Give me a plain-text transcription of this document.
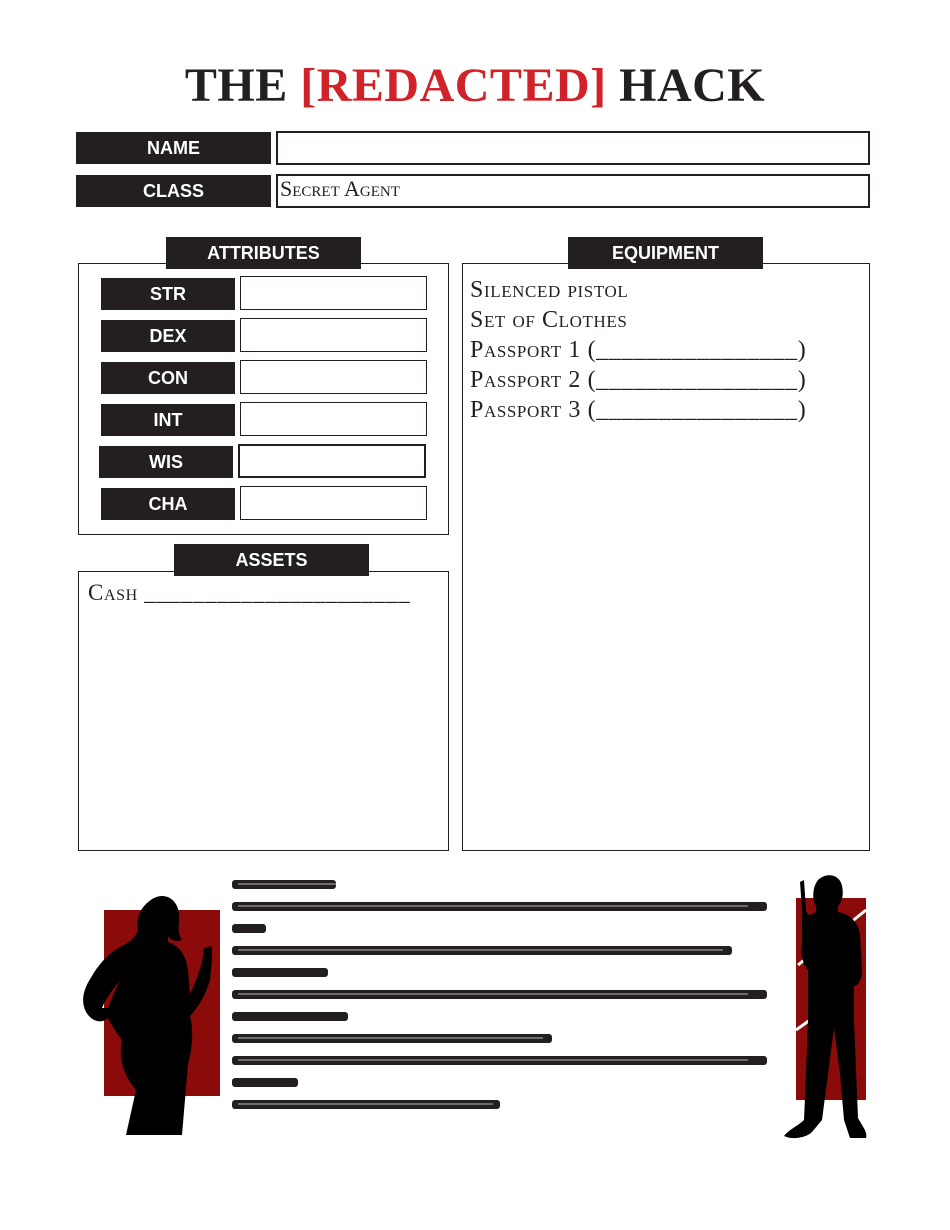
THE [REDACTED] HACK
NAME
CLASS	Secret Agent
ATTRIBUTES
STR
DEX
CON
INT
WIS
CHA
ASSETS
Cash ______________________
EQUIPMENT
Silenced pistol
Set of Clothes
Passport 1 (________________)
Passport 2 (________________)
Passport 3 (________________)
